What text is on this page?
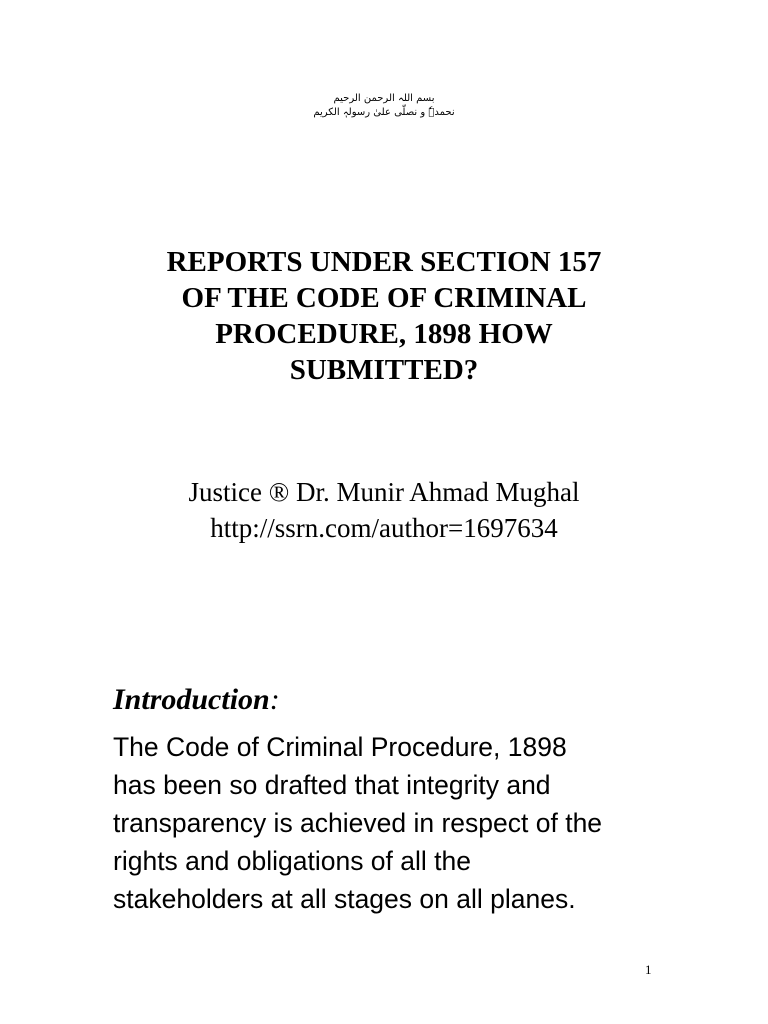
بسم اللہ الرحمن الرحیم
نحمدہٗ و نصلّی علیٰ رسولہٖ الکریم
REPORTS UNDER SECTION 157
OF THE CODE OF CRIMINAL
PROCEDURE, 1898 HOW
SUBMITTED?
Justice ® Dr. Munir Ahmad Mughal
http://ssrn.com/author=1697634
Introduction:
The Code of Criminal Procedure, 1898
has been so drafted that integrity and
transparency is achieved in respect of the
rights and obligations of all the
stakeholders at all stages on all planes.
1
